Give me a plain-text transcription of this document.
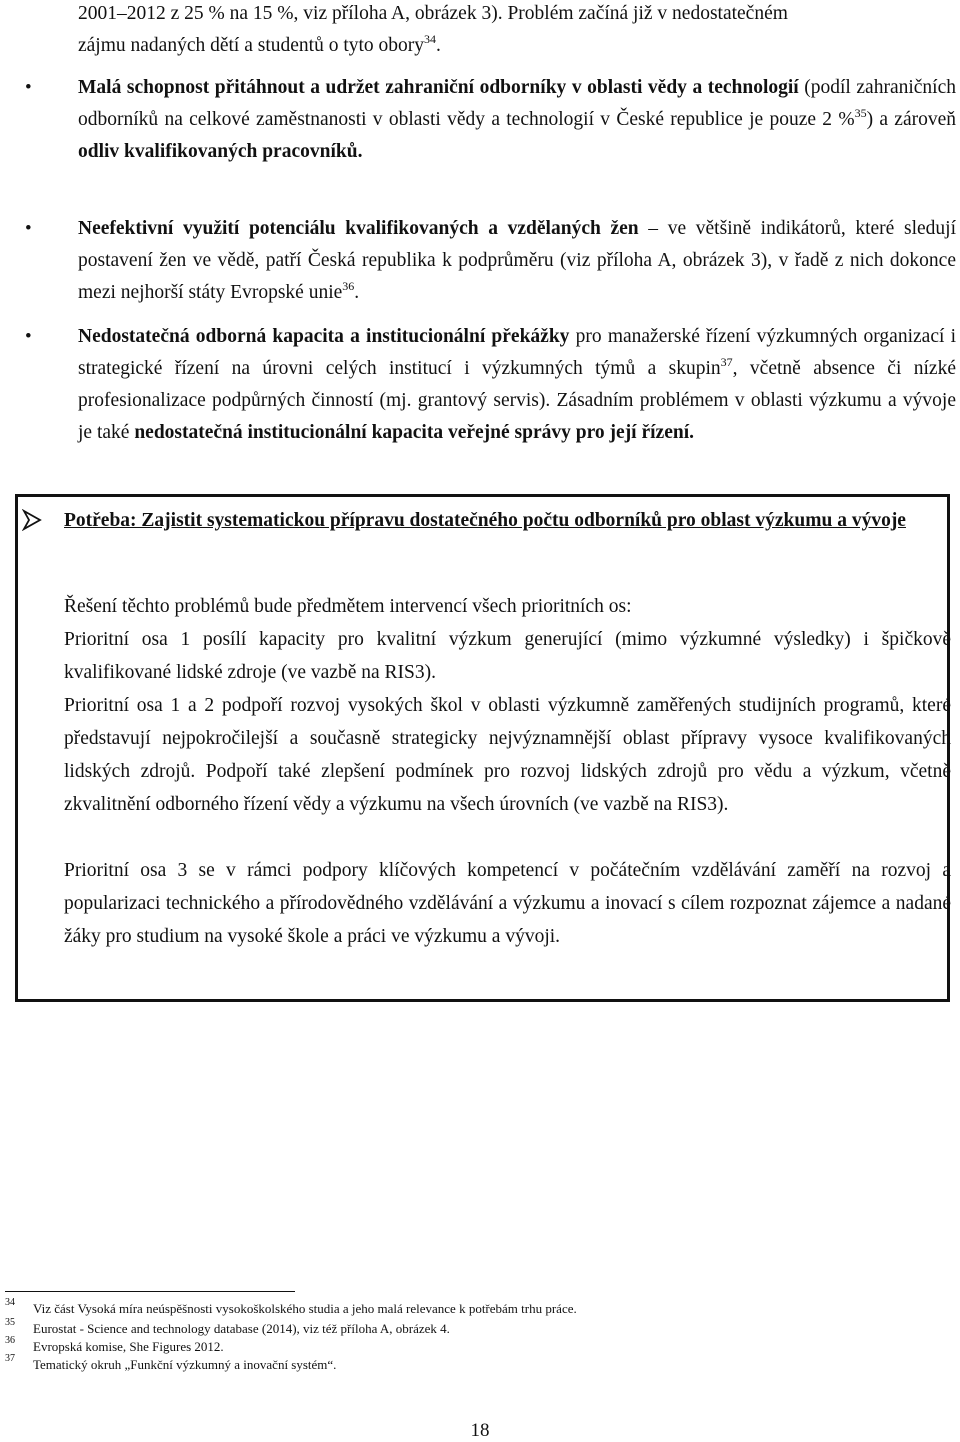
2001–2012 z 25 % na 15 %, viz příloha A, obrázek 3). Problém začíná již v nedostatečném
zájmu nadaných dětí a studentů o tyto obory$^{34}$.
•	Malá schopnost přitáhnout a udržet zahraniční odborníky v oblasti vědy a technologií (podíl zahraničních odborníků na celkové zaměstnanosti v oblasti vědy a technologií v České republice je pouze 2 %$^{35}$) a zároveň odliv kvalifikovaných pracovníků.
•	Neefektivní využití potenciálu kvalifikovaných a vzdělaných žen – ve většině indikátorů, které sledují postavení žen ve vědě, patří Česká republika k podprůměru (viz příloha A, obrázek 3), v řadě z nich dokonce mezi nejhorší státy Evropské unie$^{36}$.
•	Nedostatečná odborná kapacita a institucionální překážky pro manažerské řízení výzkumných organizací i strategické řízení na úrovni celých institucí i výzkumných týmů a skupin$^{37}$, včetně absence či nízké profesionalizace podpůrných činností (mj. grantový servis). Zásadním problémem v oblasti výzkumu a vývoje je také nedostatečná institucionální kapacita veřejné správy pro její řízení.
Potřeba: Zajistit systematickou přípravu dostatečného počtu odborníků pro oblast výzkumu a vývoje
Řešení těchto problémů bude předmětem intervencí všech prioritních os:
Prioritní osa 1 posílí kapacity pro kvalitní výzkum generující (mimo výzkumné výsledky) i špičkově kvalifikované lidské zdroje (ve vazbě na RIS3).
Prioritní osa 1 a 2 podpoří rozvoj vysokých škol v oblasti výzkumně zaměřených studijních programů, které představují nejpokročilejší a současně strategicky nejvýznamnější oblast přípravy vysoce kvalifikovaných lidských zdrojů. Podpoří také zlepšení podmínek pro rozvoj lidských zdrojů pro vědu a výzkum, včetně zkvalitnění odborného řízení vědy a výzkumu na všech úrovních (ve vazbě na RIS3).
Prioritní osa 3 se v rámci podpory klíčových kompetencí v počátečním vzdělávání zaměří na rozvoj a popularizaci technického a přírodovědného vzdělávání a výzkumu a inovací s cílem rozpoznat zájemce a nadané žáky pro studium na vysoké škole a práci ve výzkumu a vývoji.
34 Viz část Vysoká míra neúspěšnosti vysokoškolského studia a jeho malá relevance k potřebám trhu práce.
35 Eurostat - Science and technology database (2014), viz též příloha A, obrázek 4.
36 Evropská komise, She Figures 2012.
37 Tematický okruh „Funkční výzkumný a inovační systém“.
18
